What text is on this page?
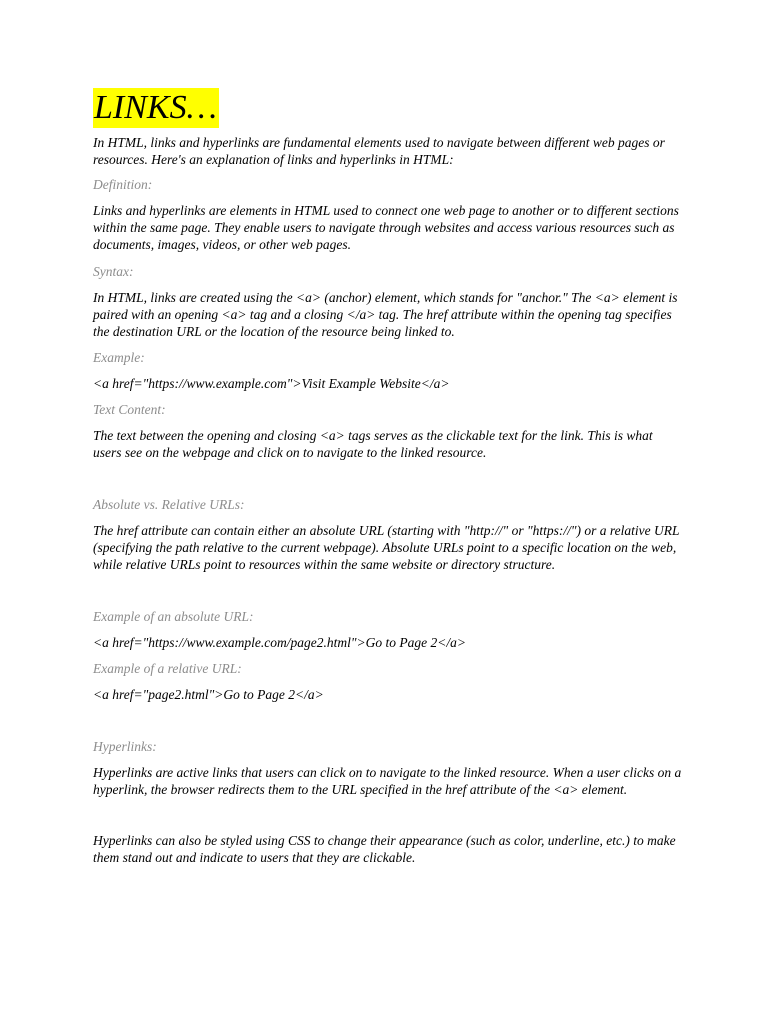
LINKS…

In HTML, links and hyperlinks are fundamental elements used to navigate between different web pages or resources. Here's an explanation of links and hyperlinks in HTML:

Definition:

Links and hyperlinks are elements in HTML used to connect one web page to another or to different sections within the same page. They enable users to navigate through websites and access various resources such as documents, images, videos, or other web pages.

Syntax:

In HTML, links are created using the <a> (anchor) element, which stands for "anchor." The <a> element is paired with an opening <a> tag and a closing </a> tag. The href attribute within the opening tag specifies the destination URL or the location of the resource being linked to.

Example:

<a href="https://www.example.com">Visit Example Website</a>

Text Content:

The text between the opening and closing <a> tags serves as the clickable text for the link. This is what users see on the webpage and click on to navigate to the linked resource.

Absolute vs. Relative URLs:

The href attribute can contain either an absolute URL (starting with "http://" or "https://") or a relative URL (specifying the path relative to the current webpage). Absolute URLs point to a specific location on the web, while relative URLs point to resources within the same website or directory structure.

Example of an absolute URL:

<a href="https://www.example.com/page2.html">Go to Page 2</a>

Example of a relative URL:

<a href="page2.html">Go to Page 2</a>

Hyperlinks:

Hyperlinks are active links that users can click on to navigate to the linked resource. When a user clicks on a hyperlink, the browser redirects them to the URL specified in the href attribute of the <a> element.

Hyperlinks can also be styled using CSS to change their appearance (such as color, underline, etc.) to make them stand out and indicate to users that they are clickable.
